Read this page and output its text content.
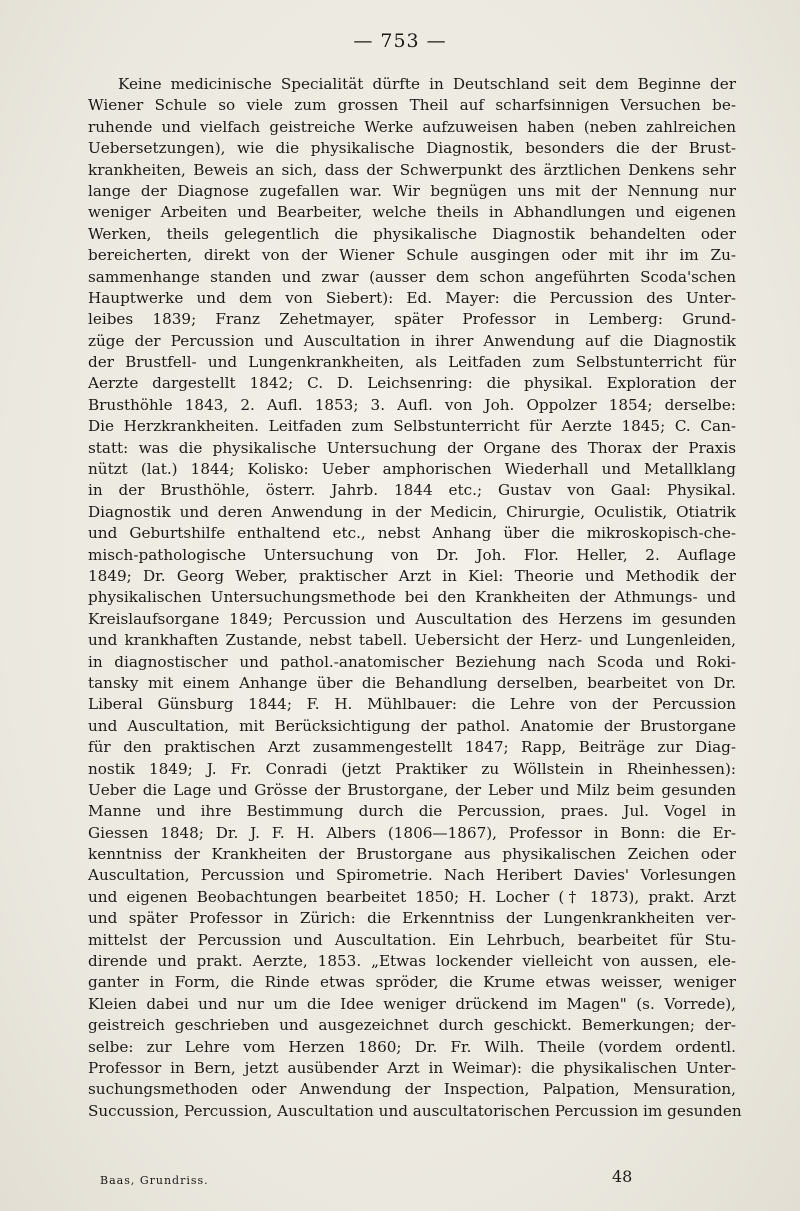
— 753 —
Keine medicinische Specialität dürfte in Deutschland seit dem Beginne der
Wiener Schule so viele zum grossen Theil auf scharfsinnigen Versuchen be-
ruhende und vielfach geistreiche Werke aufzuweisen haben (neben zahlreichen
Uebersetzungen), wie die physikalische Diagnostik, besonders die der Brust-
krankheiten, Beweis an sich, dass der Schwerpunkt des ärztlichen Denkens sehr
lange der Diagnose zugefallen war. Wir begnügen uns mit der Nennung nur
weniger Arbeiten und Bearbeiter, welche theils in Abhandlungen und eigenen
Werken, theils gelegentlich die physikalische Diagnostik behandelten oder
bereicherten, direkt von der Wiener Schule ausgingen oder mit ihr im Zu-
sammenhange standen und zwar (ausser dem schon angeführten Scoda'schen
Hauptwerke und dem von Siebert): Ed. Mayer: die Percussion des Unter-
leibes 1839; Franz Zehetmayer, später Professor in Lemberg: Grund-
züge der Percussion und Auscultation in ihrer Anwendung auf die Diagnostik
der Brustfell- und Lungenkrankheiten, als Leitfaden zum Selbstunterricht für
Aerzte dargestellt 1842; C. D. Leichsenring: die physikal. Exploration der
Brusthöhle 1843, 2. Aufl. 1853; 3. Aufl. von Joh. Oppolzer 1854; derselbe:
Die Herzkrankheiten. Leitfaden zum Selbstunterricht für Aerzte 1845; C. Can-
statt: was die physikalische Untersuchung der Organe des Thorax der Praxis
nützt (lat.) 1844; Kolisko: Ueber amphorischen Wiederhall und Metallklang
in der Brusthöhle, österr. Jahrb. 1844 etc.; Gustav von Gaal: Physikal.
Diagnostik und deren Anwendung in der Medicin, Chirurgie, Oculistik, Otiatrik
und Geburtshilfe enthaltend etc., nebst Anhang über die mikroskopisch-che-
misch-pathologische Untersuchung von Dr. Joh. Flor. Heller, 2. Auflage
1849; Dr. Georg Weber, praktischer Arzt in Kiel: Theorie und Methodik der
physikalischen Untersuchungsmethode bei den Krankheiten der Athmungs- und
Kreislaufsorgane 1849; Percussion und Auscultation des Herzens im gesunden
und krankhaften Zustande, nebst tabell. Uebersicht der Herz- und Lungenleiden,
in diagnostischer und pathol.-anatomischer Beziehung nach Scoda und Roki-
tansky mit einem Anhange über die Behandlung derselben, bearbeitet von Dr.
Liberal Günsburg 1844; F. H. Mühlbauer: die Lehre von der Percussion
und Auscultation, mit Berücksichtigung der pathol. Anatomie der Brustorgane
für den praktischen Arzt zusammengestellt 1847; Rapp, Beiträge zur Diag-
nostik 1849; J. Fr. Conradi (jetzt Praktiker zu Wöllstein in Rheinhessen):
Ueber die Lage und Grösse der Brustorgane, der Leber und Milz beim gesunden
Manne und ihre Bestimmung durch die Percussion, praes. Jul. Vogel in
Giessen 1848; Dr. J. F. H. Albers (1806—1867), Professor in Bonn: die Er-
kenntniss der Krankheiten der Brustorgane aus physikalischen Zeichen oder
Auscultation, Percussion und Spirometrie. Nach Heribert Davies' Vorlesungen
und eigenen Beobachtungen bearbeitet 1850; H. Locher († 1873), prakt. Arzt
und später Professor in Zürich: die Erkenntniss der Lungenkrankheiten ver-
mittelst der Percussion und Auscultation. Ein Lehrbuch, bearbeitet für Stu-
dirende und prakt. Aerzte, 1853. „Etwas lockender vielleicht von aussen, ele-
ganter in Form, die Rinde etwas spröder, die Krume etwas weisser, weniger
Kleien dabei und nur um die Idee weniger drückend im Magen" (s. Vorrede),
geistreich geschrieben und ausgezeichnet durch geschickt. Bemerkungen; der-
selbe: zur Lehre vom Herzen 1860; Dr. Fr. Wilh. Theile (vordem ordentl.
Professor in Bern, jetzt ausübender Arzt in Weimar): die physikalischen Unter-
suchungsmethoden oder Anwendung der Inspection, Palpation, Mensuration,
Succussion, Percussion, Auscultation und auscultatorischen Percussion im gesunden
Baas, Grundriss.	48
